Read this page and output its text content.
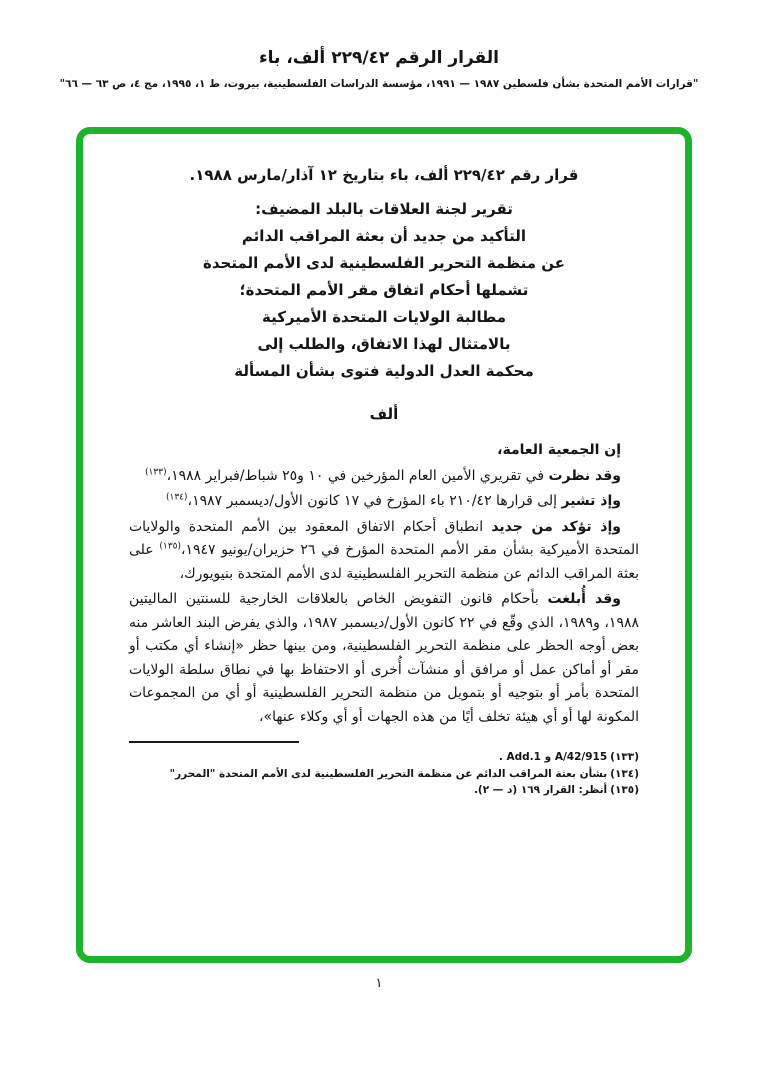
القرار الرقم ٢٢٩/٤٢ ألف، باء
"قرارات الأمم المتحدة بشأن فلسطين ١٩٨٧ — ١٩٩١، مؤسسة الدراسات الفلسطينية، بيروت، ط ١، ١٩٩٥، مج ٤، ص ٦٣ — ٦٦"
قرار رقم ٢٢٩/٤٢ ألف، باء بتاريخ ١٢ آذار/مارس ١٩٨٨.
تقرير لجنة العلاقات بالبلد المضيف:
التأكيد من جديد أن بعثة المراقب الدائم
عن منظمة التحرير الفلسطينية لدى الأمم المتحدة
تشملها أحكام اتفاق مقر الأمم المتحدة؛
مطالبة الولايات المتحدة الأميركية
بالامتثال لهذا الاتفاق، والطلب إلى
محكمة العدل الدولية فتوى بشأن المسألة
ألف

إن الجمعية العامة،

وقد نظرت في تقريري الأمين العام المؤرخين في ١٠ و٢٥ شباط/فبراير ١٩٨٨،$^{(١٣٣)}$

وإذ تشير إلى قرارها ٢١٠/٤٢ باء المؤرخ في ١٧ كانون الأول/ديسمبر ١٩٨٧،$^{(١٣٤)}$

وإذ تؤكد من جديد انطباق أحكام الاتفاق المعقود بين الأمم المتحدة والولايات المتحدة الأميركية بشأن مقر الأمم المتحدة المؤرخ في ٢٦ حزيران/يونيو ١٩٤٧،$^{(١٣٥)}$ على بعثة المراقب الدائم عن منظمة التحرير الفلسطينية لدى الأمم المتحدة بنيويورك،

وقد أُبلغت بأحكام قانون التفويض الخاص بالعلاقات الخارجية للسنتين الماليتين ١٩٨٨، و١٩٨٩، الذي وقّع في ٢٢ كانون الأول/ديسمبر ١٩٨٧، والذي يفرض البند العاشر منه بعض أوجه الحظر على منظمة التحرير الفلسطينية، ومن بينها حظر «إنشاء أي مكتب أو مقر أو أماكن عمل أو مرافق أو منشآت أُخرى أو الاحتفاظ بها في نطاق سلطة الولايات المتحدة بأمر أو بتوجيه أو بتمويل من منظمة التحرير الفلسطينية أو أي من المجموعات المكونة لها أو أي هيئة تخلف أيًا من هذه الجهات أو أي وكلاء عنها»،

(١٣٣)A/42/915 و Add.1 .
(١٣٤)بشأن بعثة المراقب الدائم عن منظمة التحرير الفلسطينية لدى الأمم المتحدة "المحرر"
(١٣٥)أنظر: القرار ١٦٩ (د — ٢).
١
